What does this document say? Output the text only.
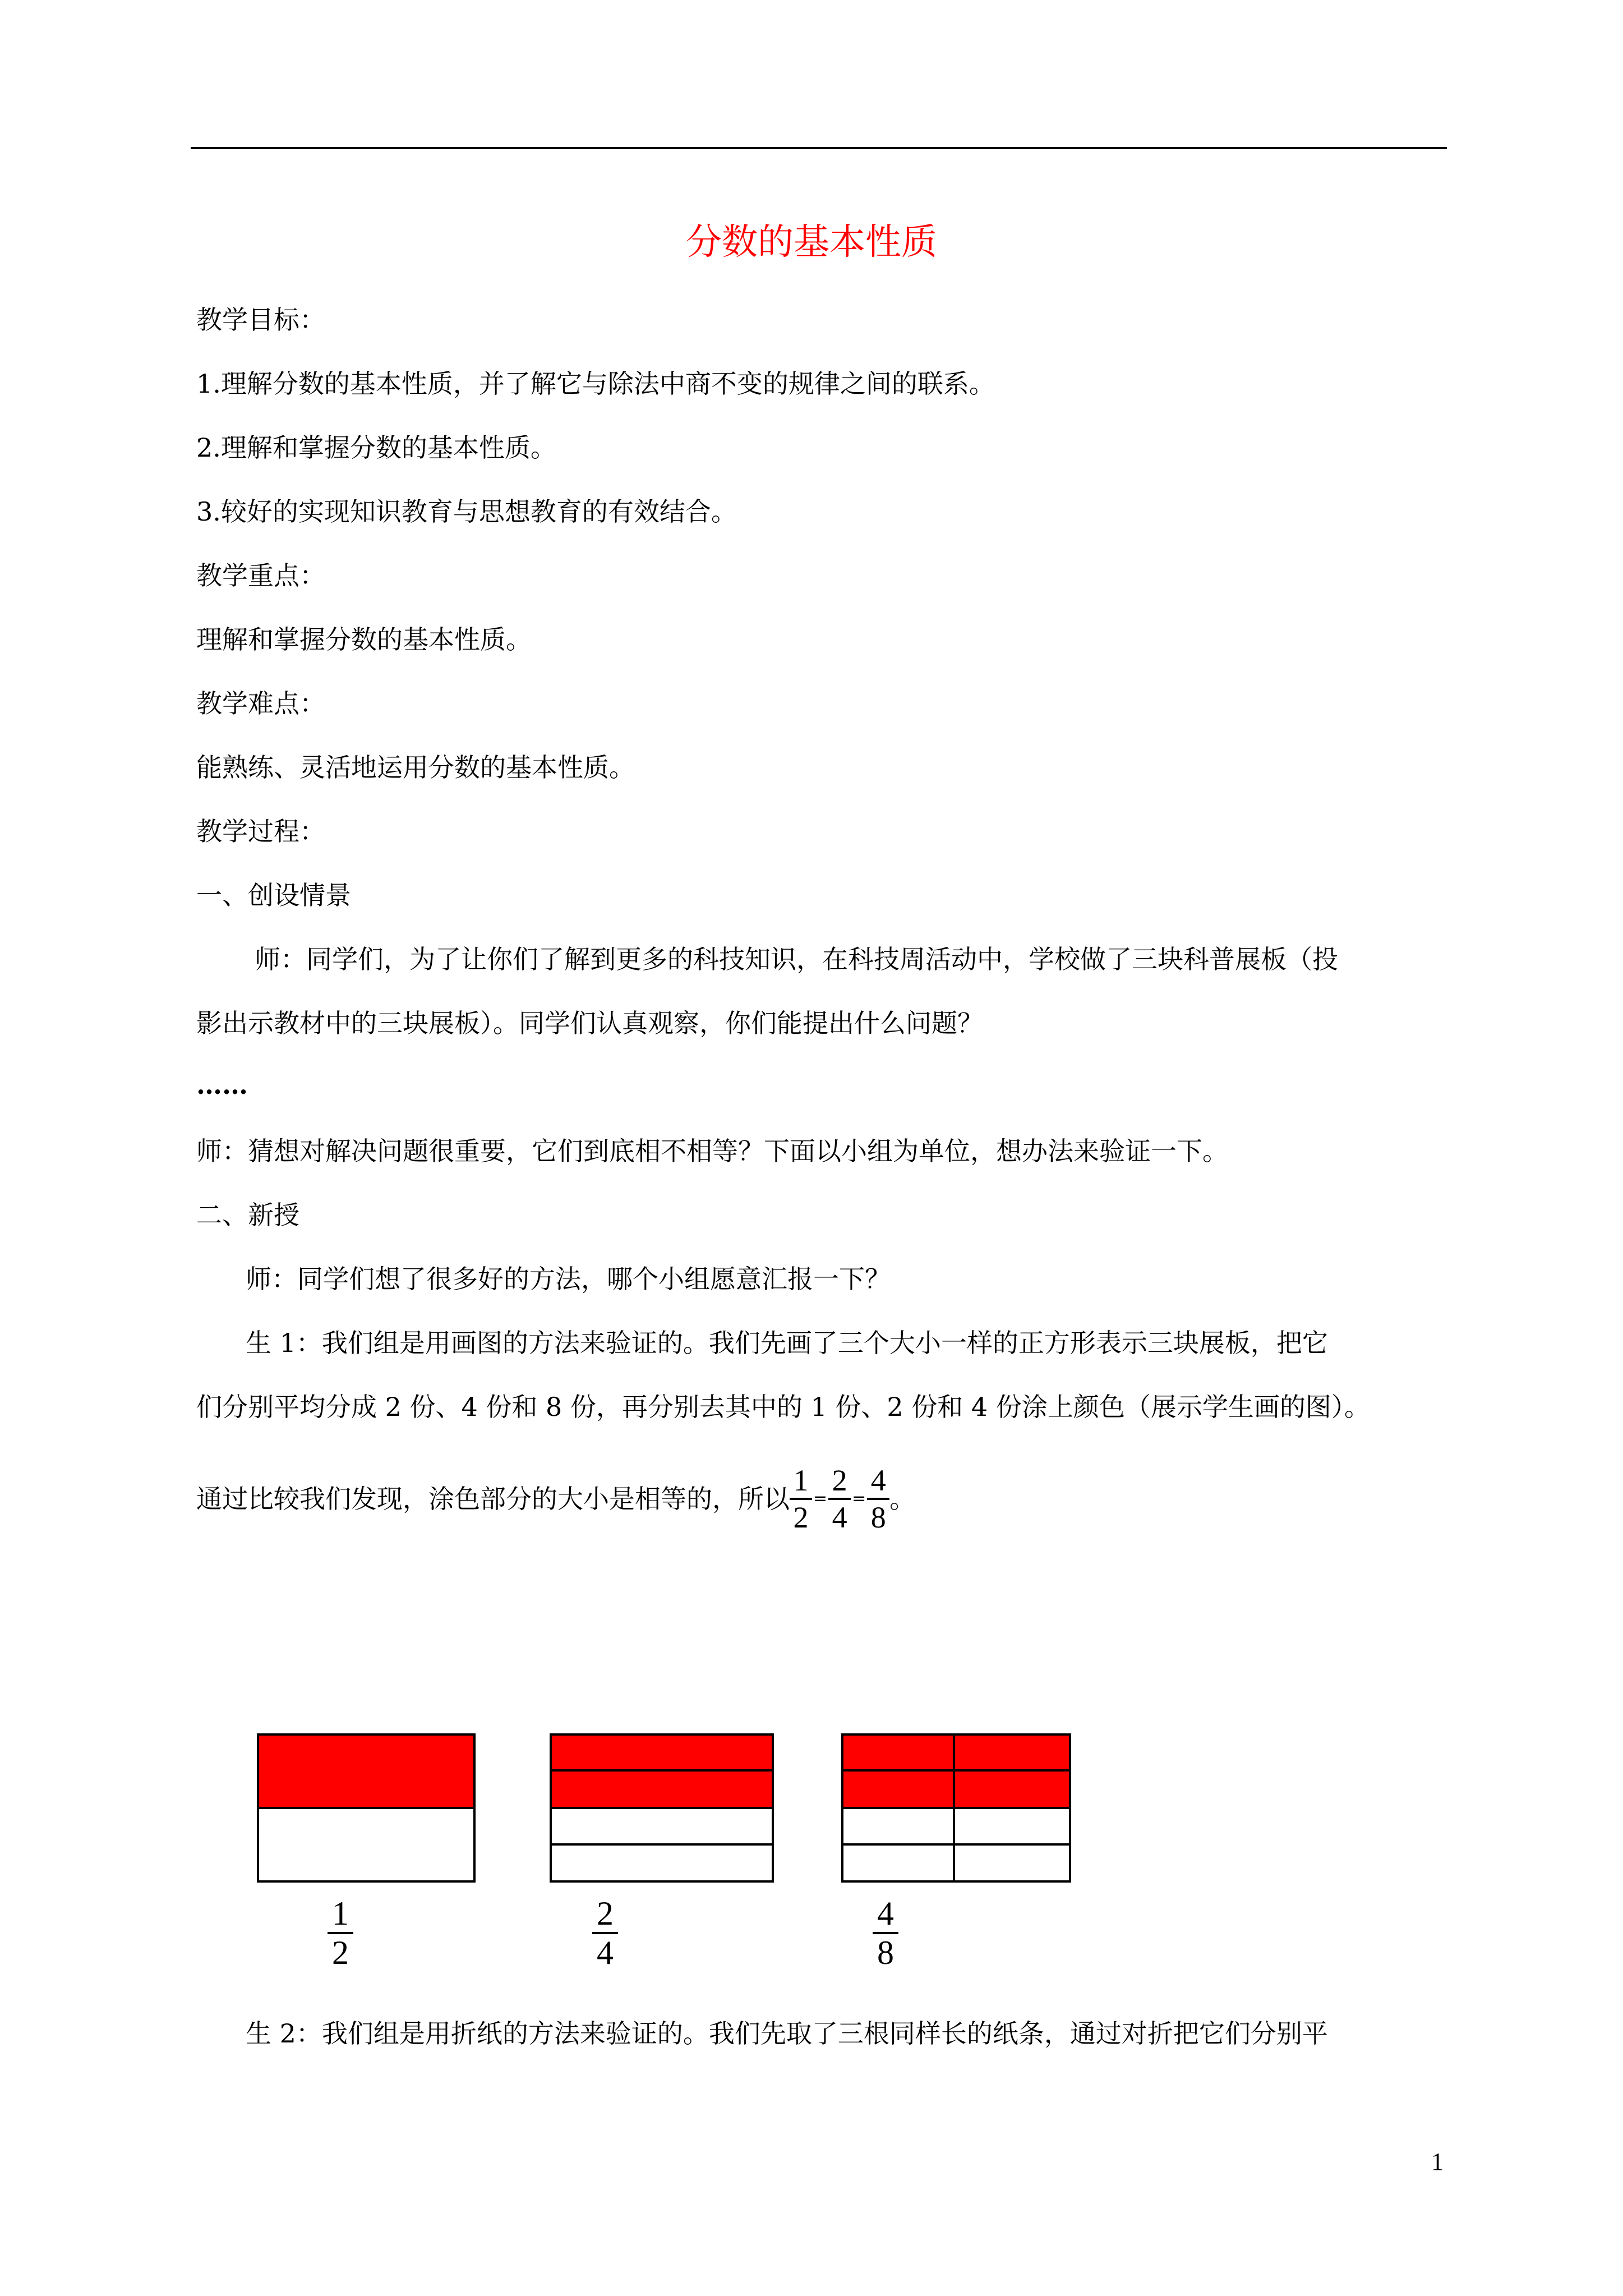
分数的基本性质
教学目标：
1.理解分数的基本性质，并了解它与除法中商不变的规律之间的联系。
2.理解和掌握分数的基本性质。
3.较好的实现知识教育与思想教育的有效结合。
教学重点：
理解和掌握分数的基本性质。
教学难点：
能熟练、灵活地运用分数的基本性质。
教学过程：
一、创设情景
师：同学们，为了让你们了解到更多的科技知识，在科技周活动中，学校做了三块科普展板（投
影出示教材中的三块展板）。同学们认真观察，你们能提出什么问题？
……
师：猜想对解决问题很重要，它们到底相不相等？下面以小组为单位，想办法来验证一下。
二、新授
师：同学们想了很多好的方法，哪个小组愿意汇报一下？
生 1：我们组是用画图的方法来验证的。我们先画了三个大小一样的正方形表示三块展板，把它
们分别平均分成 2 份、4 份和 8 份，再分别去其中的 1 份、2 份和 4 份涂上颜色（展示学生画的图）。
通过比较我们发现，涂色部分的大小是相等的，所以 $\frac{1}{2} = \frac{2}{4} = \frac{4}{8}$ 。
1
2
2
4
4
8
生 2：我们组是用折纸的方法来验证的。我们先取了三根同样长的纸条，通过对折把它们分别平
1
